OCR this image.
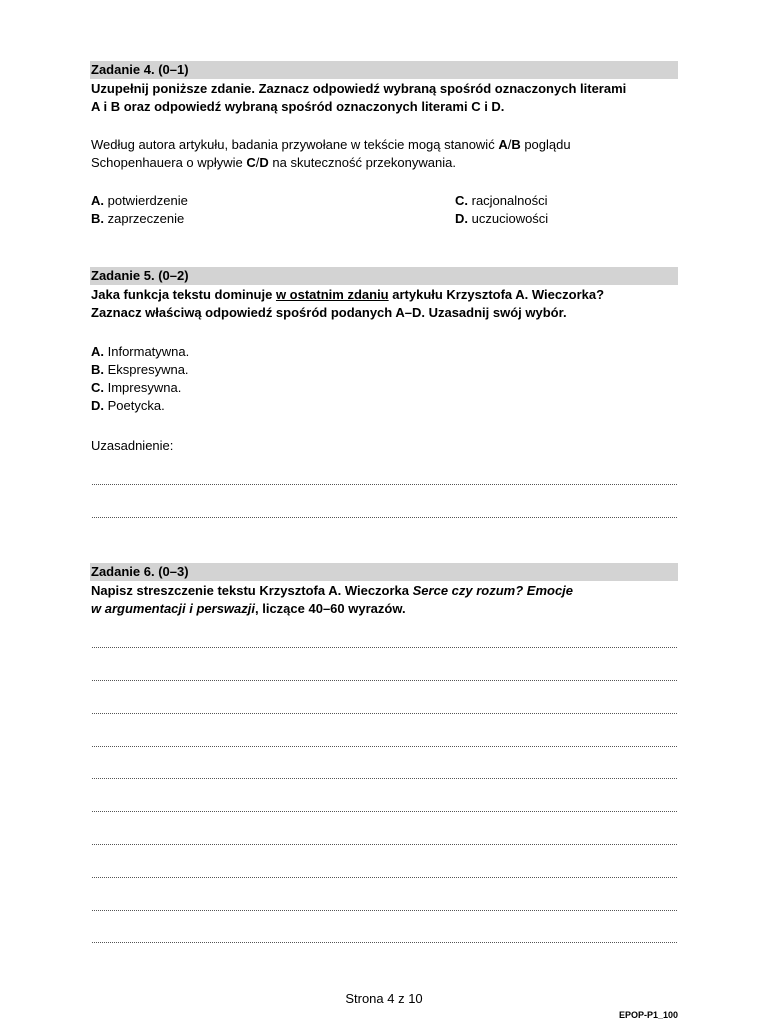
Zadanie 4. (0–1)

Uzupełnij poniższe zdanie. Zaznacz odpowiedź wybraną spośród oznaczonych literami

A i B oraz odpowiedź wybraną spośród oznaczonych literami C i D.

Według autora artykułu, badania przywołane w tekście mogą stanowić A/B poglądu

Schopenhauera o wpływie C/D na skuteczność przekonywania.

A. potwierdzenie

B. zaprzeczenie

C. racjonalności

D. uczuciowości

Zadanie 5. (0–2)

Jaka funkcja tekstu dominuje w ostatnim zdaniu artykułu Krzysztofa A. Wieczorka?

Zaznacz właściwą odpowiedź spośród podanych A–D. Uzasadnij swój wybór.

A. Informatywna.

B. Ekspresywna.

C. Impresywna.

D. Poetycka.

Uzasadnienie:
Zadanie 6. (0–3)

Napisz streszczenie tekstu Krzysztofa A. Wieczorka Serce czy rozum? Emocje

w argumentacji i perswazji, liczące 40–60 wyrazów.

Strona 4 z 10
EPOP-P1_100
